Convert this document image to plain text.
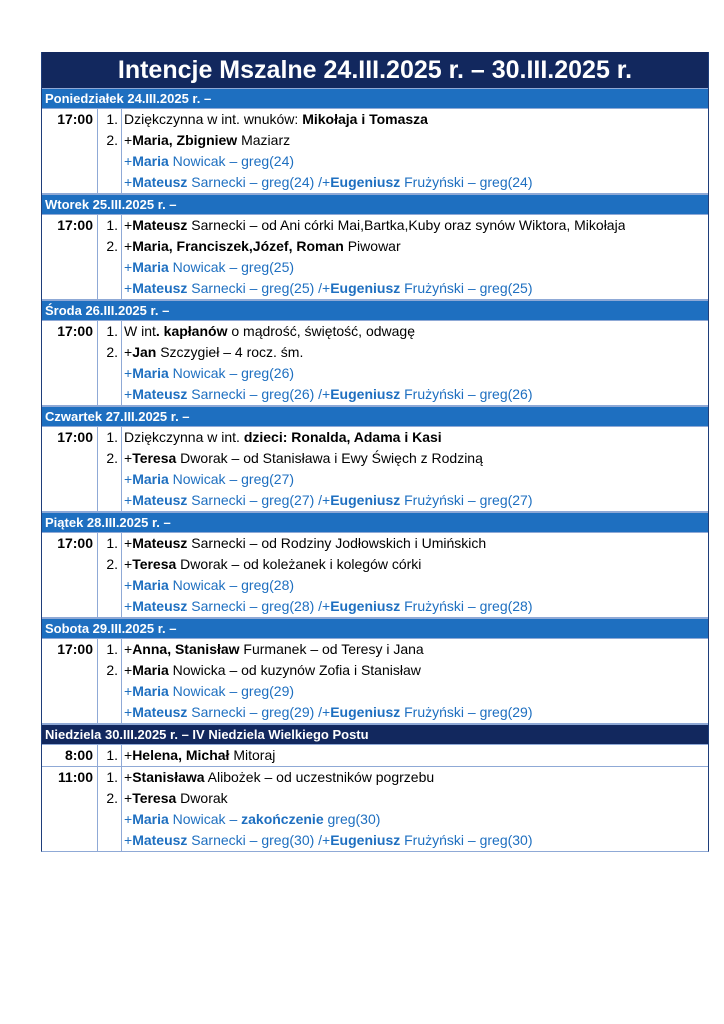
Intencje Mszalne 24.III.2025 r. – 30.III.2025 r.
Poniedziałek 24.III.2025 r. –
17:00 1. Dziękczynna w int. wnuków: Mikołaja i Tomasza
2. +Maria, Zbigniew Maziarz
+Maria Nowicak – greg(24)
+Mateusz Sarnecki – greg(24) /+Eugeniusz Frużyński – greg(24)
Wtorek 25.III.2025 r. –
17:00 1. +Mateusz Sarnecki – od Ani córki Mai,Bartka,Kuby oraz synów Wiktora, Mikołaja
2. +Maria, Franciszek,Józef, Roman Piwowar
+Maria Nowicak – greg(25)
+Mateusz Sarnecki – greg(25) /+Eugeniusz Frużyński – greg(25)
Środa 26.III.2025 r. –
17:00 1. W int. kapłanów o mądrość, świętość, odwagę
2. +Jan Szczygieł – 4 rocz. śm.
+Maria Nowicak – greg(26)
+Mateusz Sarnecki – greg(26) /+Eugeniusz Frużyński – greg(26)
Czwartek 27.III.2025 r. –
17:00 1. Dziękczynna w int. dzieci: Ronalda, Adama i Kasi
2. +Teresa Dworak – od Stanisława i Ewy Święch z Rodziną
+Maria Nowicak – greg(27)
+Mateusz Sarnecki – greg(27) /+Eugeniusz Frużyński – greg(27)
Piątek 28.III.2025 r. –
17:00 1. +Mateusz Sarnecki – od Rodziny Jodłowskich i Umińskich
2. +Teresa Dworak – od koleżanek i kolegów córki
+Maria Nowicak – greg(28)
+Mateusz Sarnecki – greg(28) /+Eugeniusz Frużyński – greg(28)
Sobota 29.III.2025 r. –
17:00 1. +Anna, Stanisław Furmanek – od Teresy i Jana
2. +Maria Nowicka – od kuzynów Zofia i Stanisław
+Maria Nowicak – greg(29)
+Mateusz Sarnecki – greg(29) /+Eugeniusz Frużyński – greg(29)
Niedziela 30.III.2025 r. – IV Niedziela Wielkiego Postu
8:00 1. +Helena, Michał Mitoraj
11:00 1. +Stanisława Alibożek – od uczestników pogrzebu
2. +Teresa Dworak
+Maria Nowicak – zakończenie greg(30)
+Mateusz Sarnecki – greg(30) /+Eugeniusz Frużyński – greg(30)
